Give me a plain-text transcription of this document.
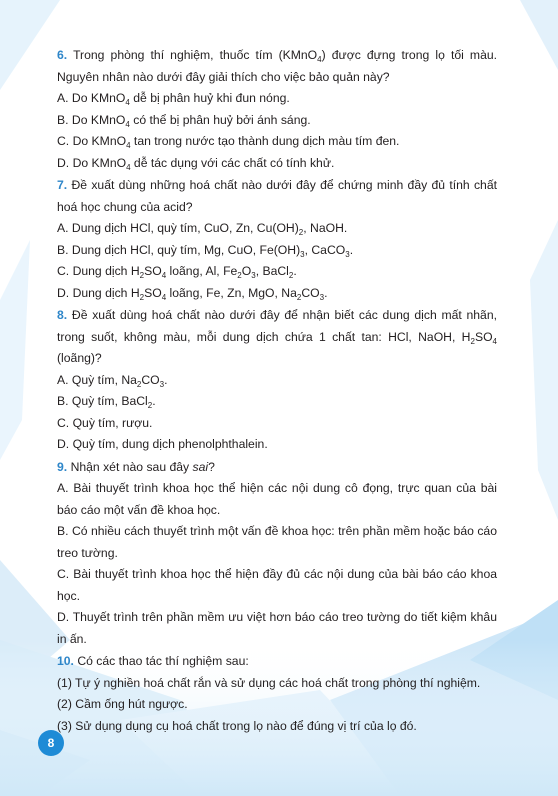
6. Trong phòng thí nghiệm, thuốc tím (KMnO$_4$) được đựng trong lọ tối màu. Nguyên nhân nào dưới đây giải thích cho việc bảo quản này?

A. Do KMnO$_4$ dễ bị phân huỷ khi đun nóng.

B. Do KMnO$_4$ có thể bị phân huỷ bởi ánh sáng.

C. Do KMnO$_4$ tan trong nước tạo thành dung dịch màu tím đen.

D. Do KMnO$_4$ dễ tác dụng với các chất có tính khử.

7. Đề xuất dùng những hoá chất nào dưới đây để chứng minh đầy đủ tính chất hoá học chung của acid?

A. Dung dịch HCl, quỳ tím, CuO, Zn, $Cu(OH)_2$, NaOH.

B. Dung dịch HCl, quỳ tím, Mg, CuO, $Fe(OH)_3$, CaCO$_3$.

C. Dung dịch $H_2SO_4$ loãng, Al, $Fe_2O_3$, BaCl$_2$.

D. Dung dịch $H_2SO_4$ loãng, Fe, Zn, MgO, $Na_2CO_3$.

8. Đề xuất dùng hoá chất nào dưới đây để nhận biết các dung dịch mất nhãn, trong suốt, không màu, mỗi dung dịch chứa 1 chất tan: HCl, NaOH, $H_2SO_4$ (loãng)?

A. Quỳ tím, $Na_2CO_3$.

B. Quỳ tím, BaCl$_2$.

C. Quỳ tím, rượu.

D. Quỳ tím, dung dịch phenolphthalein.

9. Nhận xét nào sau đây sai?

A. Bài thuyết trình khoa học thể hiện các nội dung cô đọng, trực quan của bài báo cáo một vấn đề khoa học.

B. Có nhiều cách thuyết trình một vấn đề khoa học: trên phần mềm hoặc báo cáo treo tường.

C. Bài thuyết trình khoa học thể hiện đầy đủ các nội dung của bài báo cáo khoa học.

D. Thuyết trình trên phần mềm ưu việt hơn báo cáo treo tường do tiết kiệm khâu in ấn.

10. Có các thao tác thí nghiệm sau:

(1) Tự ý nghiền hoá chất rắn và sử dụng các hoá chất trong phòng thí nghiệm.

(2) Cầm ống hút ngược.

(3) Sử dụng dụng cụ hoá chất trong lọ nào để đúng vị trí của lọ đó.

8
